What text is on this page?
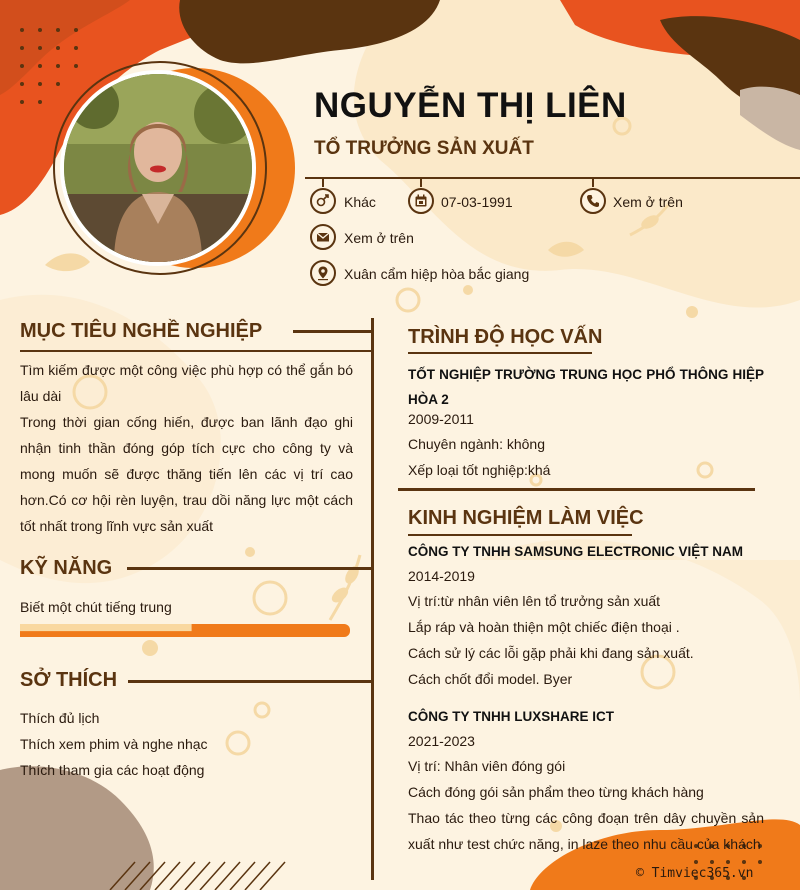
NGUYỄN THỊ LIÊN
TỔ TRƯỞNG SẢN XUẤT
Khác	07-03-1991	Xem ở trên
Xem ở trên
Xuân cẩm hiệp hòa bắc giang
MỤC TIÊU NGHỀ NGHIỆP
Tìm kiếm được một công việc phù hợp có thể gắn bó lâu dài
Trong thời gian cống hiến, được ban lãnh đạo ghi nhận tinh thần đóng góp tích cực cho công ty và mong muốn sẽ được thăng tiến lên các vị trí cao hơn.Có cơ hội rèn luyện, trau dồi năng lực một cách tốt nhất trong lĩnh vực sản xuất
KỸ NĂNG
Biết một chút tiếng trung
SỞ THÍCH
Thích đủ lịch
Thích xem phim và nghe nhạc
Thích tham gia các hoạt động
TRÌNH ĐỘ HỌC VẤN
TỐT NGHIỆP TRƯỜNG TRUNG HỌC PHỔ THÔNG HIỆP HÒA 2
2009-2011
Chuyên ngành: không
Xếp loại tốt nghiệp:khá
KINH NGHIỆM LÀM VIỆC
CÔNG TY TNHH SAMSUNG ELECTRONIC VIỆT NAM
2014-2019
Vị trí:từ nhân viên lên tổ trưởng sản xuất
Lắp ráp và hoàn thiện một chiếc điện thoại .
Cách sử lý các lỗi gặp phải khi đang sản xuất.
Cách chốt đổi model. Byer
CÔNG TY TNHH LUXSHARE ICT
2021-2023
Vị trí: Nhân viên đóng gói
Cách đóng gói sản phẩm theo từng khách hàng
Thao tác theo từng các công đoạn trên dây chuyền sản xuất như test chức năng, in laze theo nhu cầu của khách
© Timviec365.vn
